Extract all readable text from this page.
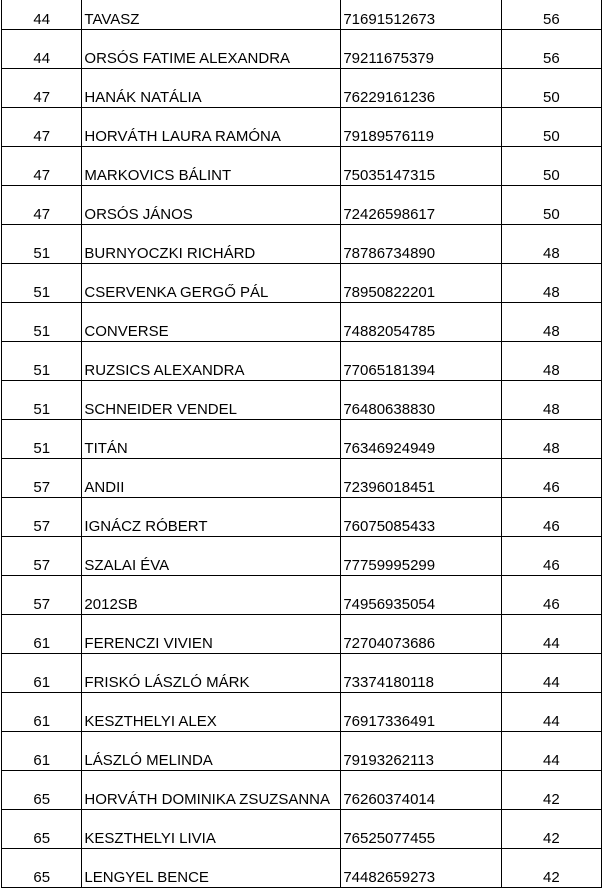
44	TAVASZ	71691512673	56
44	ORSÓS FATIME ALEXANDRA	79211675379	56
47	HANÁK NATÁLIA	76229161236	50
47	HORVÁTH LAURA RAMÓNA	79189576119	50
47	MARKOVICS BÁLINT	75035147315	50
47	ORSÓS JÁNOS	72426598617	50
51	BURNYOCZKI RICHÁRD	78786734890	48
51	CSERVENKA GERGŐ PÁL	78950822201	48
51	CONVERSE	74882054785	48
51	RUZSICS ALEXANDRA	77065181394	48
51	SCHNEIDER VENDEL	76480638830	48
51	TITÁN	76346924949	48
57	ANDII	72396018451	46
57	IGNÁCZ RÓBERT	76075085433	46
57	SZALAI ÉVA	77759995299	46
57	2012SB	74956935054	46
61	FERENCZI VIVIEN	72704073686	44
61	FRISKÓ LÁSZLÓ MÁRK	73374180118	44
61	KESZTHELYI ALEX	76917336491	44
61	LÁSZLÓ MELINDA	79193262113	44
65	HORVÁTH DOMINIKA ZSUZSANNA	76260374014	42
65	KESZTHELYI LIVIA	76525077455	42
65	LENGYEL BENCE	74482659273	42
